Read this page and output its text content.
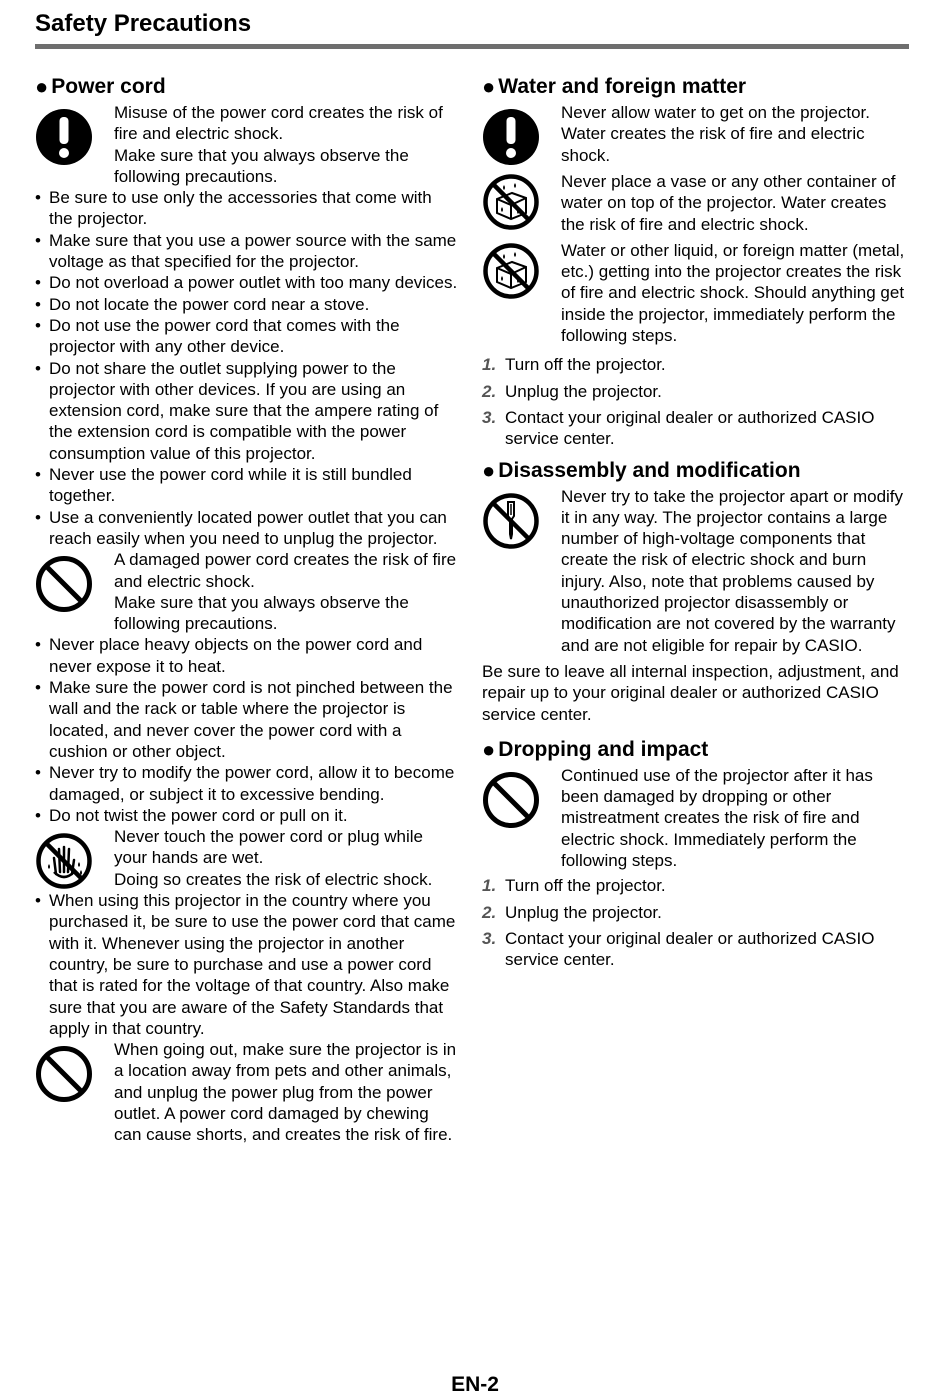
Safety Precautions
● Power cord
Misuse of the power cord creates the risk of fire and electric shock.
Make sure that you always observe the following precautions.
• Be sure to use only the accessories that come with the projector.
• Make sure that you use a power source with the same voltage as that specified for the projector.
• Do not overload a power outlet with too many devices.
• Do not locate the power cord near a stove.
• Do not use the power cord that comes with the projector with any other device.
• Do not share the outlet supplying power to the projector with other devices. If you are using an extension cord, make sure that the ampere rating of the extension cord is compatible with the power consumption value of this projector.
• Never use the power cord while it is still bundled together.
• Use a conveniently located power outlet that you can reach easily when you need to unplug the projector.
A damaged power cord creates the risk of fire and electric shock.
Make sure that you always observe the following precautions.
• Never place heavy objects on the power cord and never expose it to heat.
• Make sure the power cord is not pinched between the wall and the rack or table where the projector is located, and never cover the power cord with a cushion or other object.
• Never try to modify the power cord, allow it to become damaged, or subject it to excessive bending.
• Do not twist the power cord or pull on it.
Never touch the power cord or plug while your hands are wet.
Doing so creates the risk of electric shock.
• When using this projector in the country where you purchased it, be sure to use the power cord that came with it. Whenever using the projector in another country, be sure to purchase and use a power cord that is rated for the voltage of that country. Also make sure that you are aware of the Safety Standards that apply in that country.
When going out, make sure the projector is in a location away from pets and other animals, and unplug the power plug from the power outlet. A power cord damaged by chewing can cause shorts, and creates the risk of fire.
● Water and foreign matter
Never allow water to get on the projector. Water creates the risk of fire and electric shock.
Never place a vase or any other container of water on top of the projector. Water creates the risk of fire and electric shock.
Water or other liquid, or foreign matter (metal, etc.) getting into the projector creates the risk of fire and electric shock. Should anything get inside the projector, immediately perform the following steps.
1. Turn off the projector.
2. Unplug the projector.
3. Contact your original dealer or authorized CASIO service center.
● Disassembly and modification
Never try to take the projector apart or modify it in any way. The projector contains a large number of high-voltage components that create the risk of electric shock and burn injury. Also, note that problems caused by unauthorized projector disassembly or modification are not covered by the warranty and are not eligible for repair by CASIO.
Be sure to leave all internal inspection, adjustment, and repair up to your original dealer or authorized CASIO service center.
● Dropping and impact
Continued use of the projector after it has been damaged by dropping or other mistreatment creates the risk of fire and electric shock. Immediately perform the following steps.
1. Turn off the projector.
2. Unplug the projector.
3. Contact your original dealer or authorized CASIO service center.
EN-2
